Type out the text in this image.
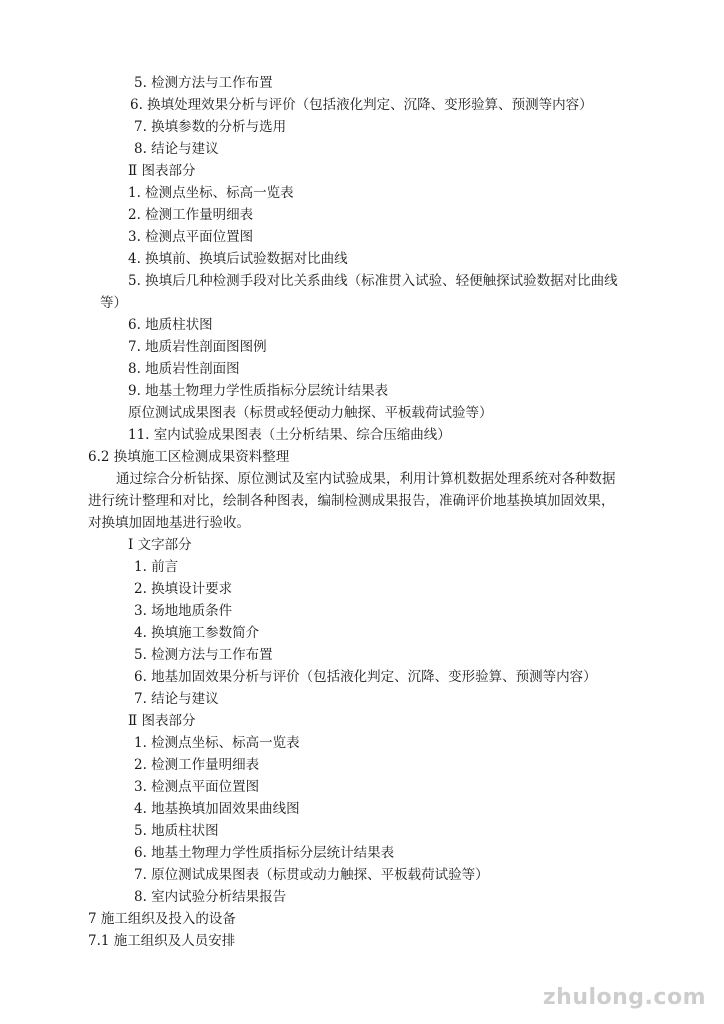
5. 检测方法与工作布置
6. 换填处理效果分析与评价（包括液化判定、沉降、变形验算、预测等内容）
7. 换填参数的分析与选用
8. 结论与建议
Ⅱ 图表部分
1. 检测点坐标、标高一览表
2. 检测工作量明细表
3. 检测点平面位置图
4. 换填前、换填后试验数据对比曲线
5. 换填后几种检测手段对比关系曲线（标准贯入试验、轻便触探试验数据对比曲线
等）
6. 地质柱状图
7. 地质岩性剖面图图例
8. 地质岩性剖面图
9. 地基土物理力学性质指标分层统计结果表
原位测试成果图表（标贯或轻便动力触探、平板载荷试验等）
11. 室内试验成果图表（土分析结果、综合压缩曲线）
6.2 换填施工区检测成果资料整理
通过综合分析钻探、原位测试及室内试验成果，利用计算机数据处理系统对各种数据
进行统计整理和对比，绘制各种图表，编制检测成果报告，准确评价地基换填加固效果，
对换填加固地基进行验收。
Ⅰ 文字部分
1. 前言
2. 换填设计要求
3. 场地地质条件
4. 换填施工参数简介
5. 检测方法与工作布置
6. 地基加固效果分析与评价（包括液化判定、沉降、变形验算、预测等内容）
7. 结论与建议
Ⅱ 图表部分
1. 检测点坐标、标高一览表
2. 检测工作量明细表
3. 检测点平面位置图
4. 地基换填加固效果曲线图
5. 地质柱状图
6. 地基土物理力学性质指标分层统计结果表
7. 原位测试成果图表（标贯或动力触探、平板载荷试验等）
8. 室内试验分析结果报告
7 施工组织及投入的设备
7.1 施工组织及人员安排
zhulong.com
